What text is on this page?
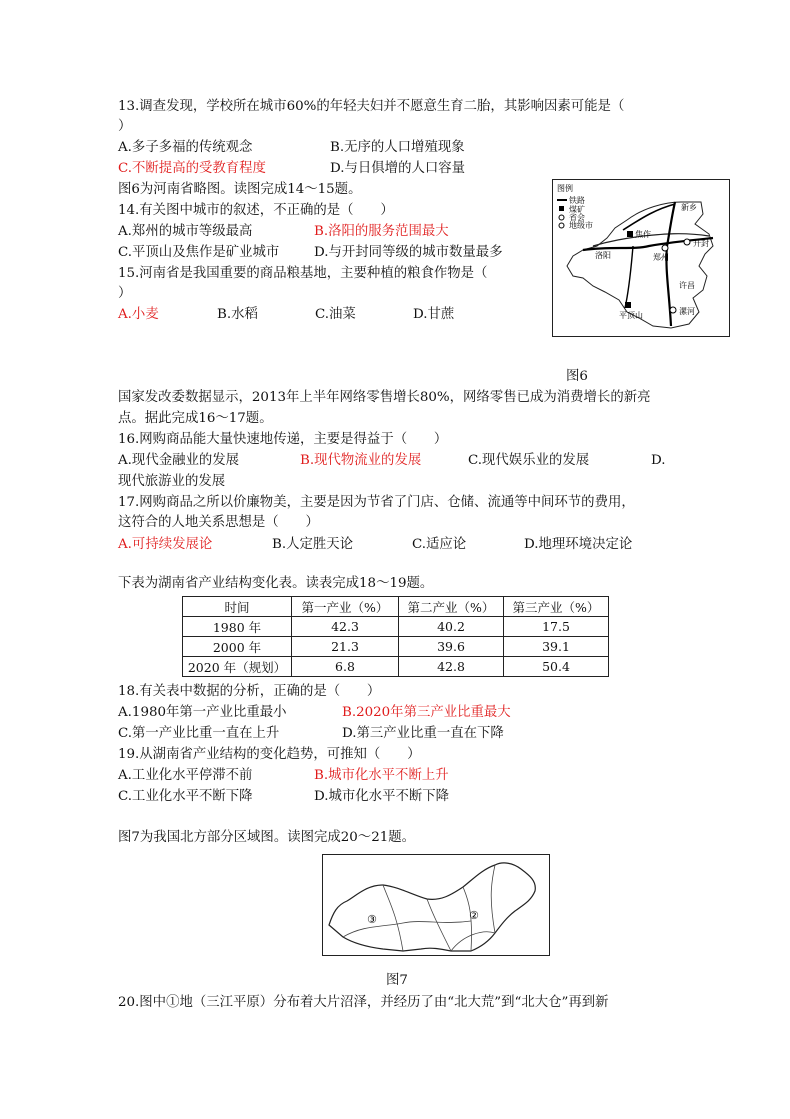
13.调查发现，学校所在城市60%的年轻夫妇并不愿意生育二胎，其影响因素可能是（
）
A.多子多福的传统观念	B.无序的人口增殖现象
C.不断提高的受教育程度	D.与日俱增的人口容量
图6为河南省略图。读图完成14～15题。
14.有关图中城市的叙述，不正确的是（　　）
A.郑州的城市等级最高	B.洛阳的服务范围最大
C.平顶山及焦作是矿业城市	D.与开封同等级的城市数量最多
15.河南省是我国重要的商品粮基地，主要种植的粮食作物是（
）
A.小麦	B.水稻	C.油菜	D.甘蔗
图例
铁路
煤矿
省会
地级市
焦作
新乡
开封
洛阳	郑州
许昌
平顶山	漯河
图6
国家发改委数据显示，2013年上半年网络零售增长80%，网络零售已成为消费增长的新亮
点。据此完成16～17题。
16.网购商品能大量快速地传递，主要是得益于（　　）
A.现代金融业的发展	B.现代物流业的发展	C.现代娱乐业的发展	D.
现代旅游业的发展
17.网购商品之所以价廉物美，主要是因为节省了门店、仓储、流通等中间环节的费用，
这符合的人地关系思想是（　　）
A.可持续发展论	B.人定胜天论	C.适应论	D.地理环境决定论
下表为湖南省产业结构变化表。读表完成18～19题。
时间	第一产业（%）	第二产业（%）	第三产业（%）
1980 年	42.3	40.2	17.5
2000 年	21.3	39.6	39.1
2020 年（规划）	6.8	42.8	50.4
18.有关表中数据的分析，正确的是（　　）
A.1980年第一产业比重最小	B.2020年第三产业比重最大
C.第一产业比重一直在上升	D.第三产业比重一直在下降
19.从湖南省产业结构的变化趋势，可推知（　　）
A.工业化水平停滞不前	B.城市化水平不断上升
C.工业化水平不断下降	D.城市化水平不断下降
图7为我国北方部分区域图。读图完成20～21题。
③	②
图7
20.图中①地（三江平原）分布着大片沼泽，并经历了由“北大荒”到“北大仓”再到新
